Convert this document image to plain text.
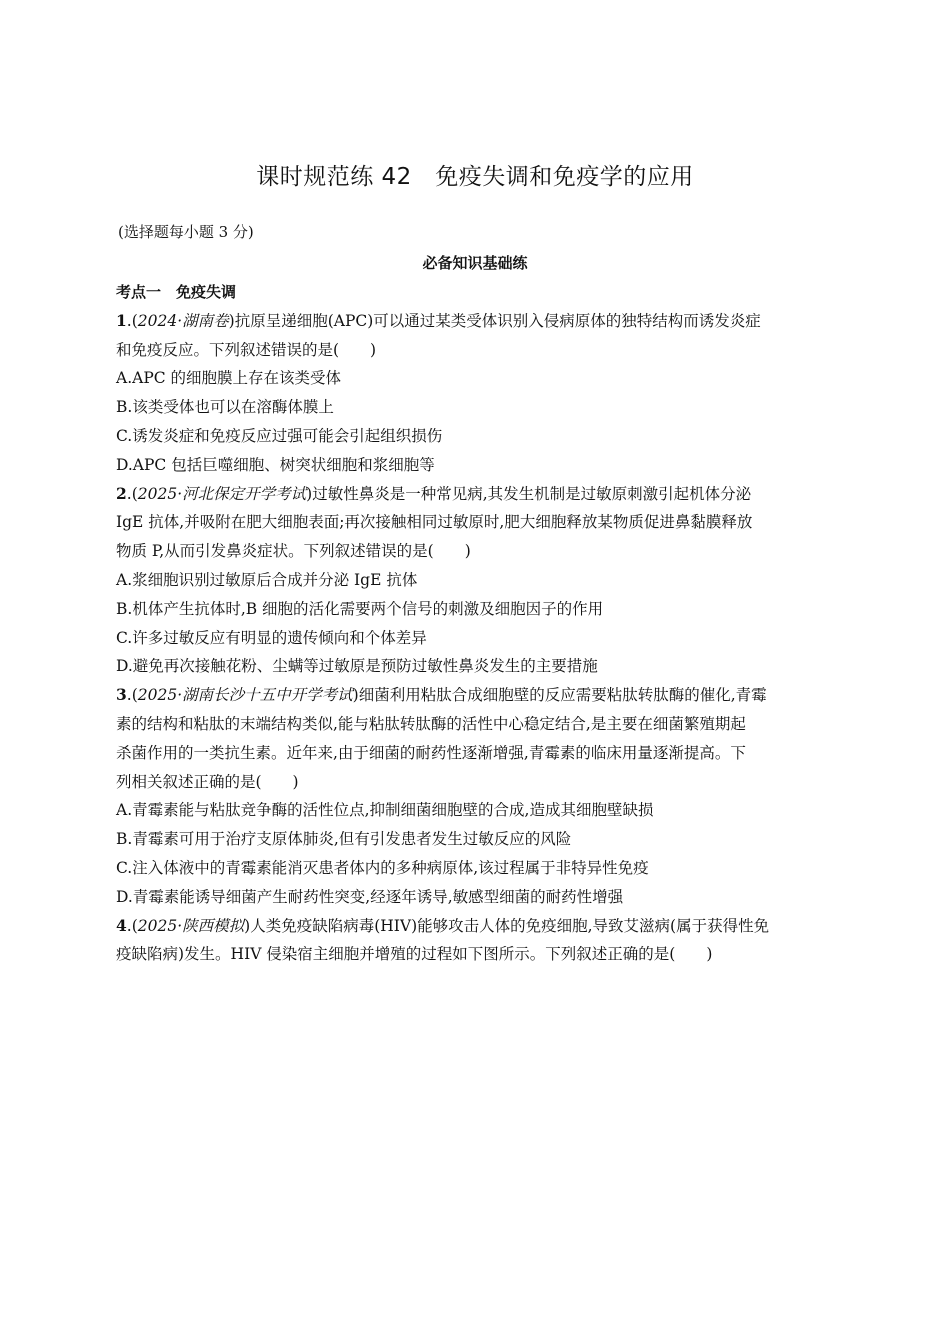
课时规范练 42　免疫失调和免疫学的应用
(选择题每小题 3 分)
必备知识基础练
考点一　免疫失调
1.(2024·湖南卷)抗原呈递细胞(APC)可以通过某类受体识别入侵病原体的独特结构而诱发炎症
和免疫反应。下列叙述错误的是(　　)
A.APC 的细胞膜上存在该类受体
B.该类受体也可以在溶酶体膜上
C.诱发炎症和免疫反应过强可能会引起组织损伤
D.APC 包括巨噬细胞、树突状细胞和浆细胞等
2.(2025·河北保定开学考试)过敏性鼻炎是一种常见病,其发生机制是过敏原刺激引起机体分泌
IgE 抗体,并吸附在肥大细胞表面;再次接触相同过敏原时,肥大细胞释放某物质促进鼻黏膜释放
物质 P,从而引发鼻炎症状。下列叙述错误的是(　　)
A.浆细胞识别过敏原后合成并分泌 IgE 抗体
B.机体产生抗体时,B 细胞的活化需要两个信号的刺激及细胞因子的作用
C.许多过敏反应有明显的遗传倾向和个体差异
D.避免再次接触花粉、尘螨等过敏原是预防过敏性鼻炎发生的主要措施
3.(2025·湖南长沙十五中开学考试)细菌利用粘肽合成细胞壁的反应需要粘肽转肽酶的催化,青霉
素的结构和粘肽的末端结构类似,能与粘肽转肽酶的活性中心稳定结合,是主要在细菌繁殖期起
杀菌作用的一类抗生素。近年来,由于细菌的耐药性逐渐增强,青霉素的临床用量逐渐提高。下
列相关叙述正确的是(　　)
A.青霉素能与粘肽竞争酶的活性位点,抑制细菌细胞壁的合成,造成其细胞壁缺损
B.青霉素可用于治疗支原体肺炎,但有引发患者发生过敏反应的风险
C.注入体液中的青霉素能消灭患者体内的多种病原体,该过程属于非特异性免疫
D.青霉素能诱导细菌产生耐药性突变,经逐年诱导,敏感型细菌的耐药性增强
4.(2025·陕西模拟)人类免疫缺陷病毒(HIV)能够攻击人体的免疫细胞,导致艾滋病(属于获得性免
疫缺陷病)发生。HIV 侵染宿主细胞并增殖的过程如下图所示。下列叙述正确的是(　　)
